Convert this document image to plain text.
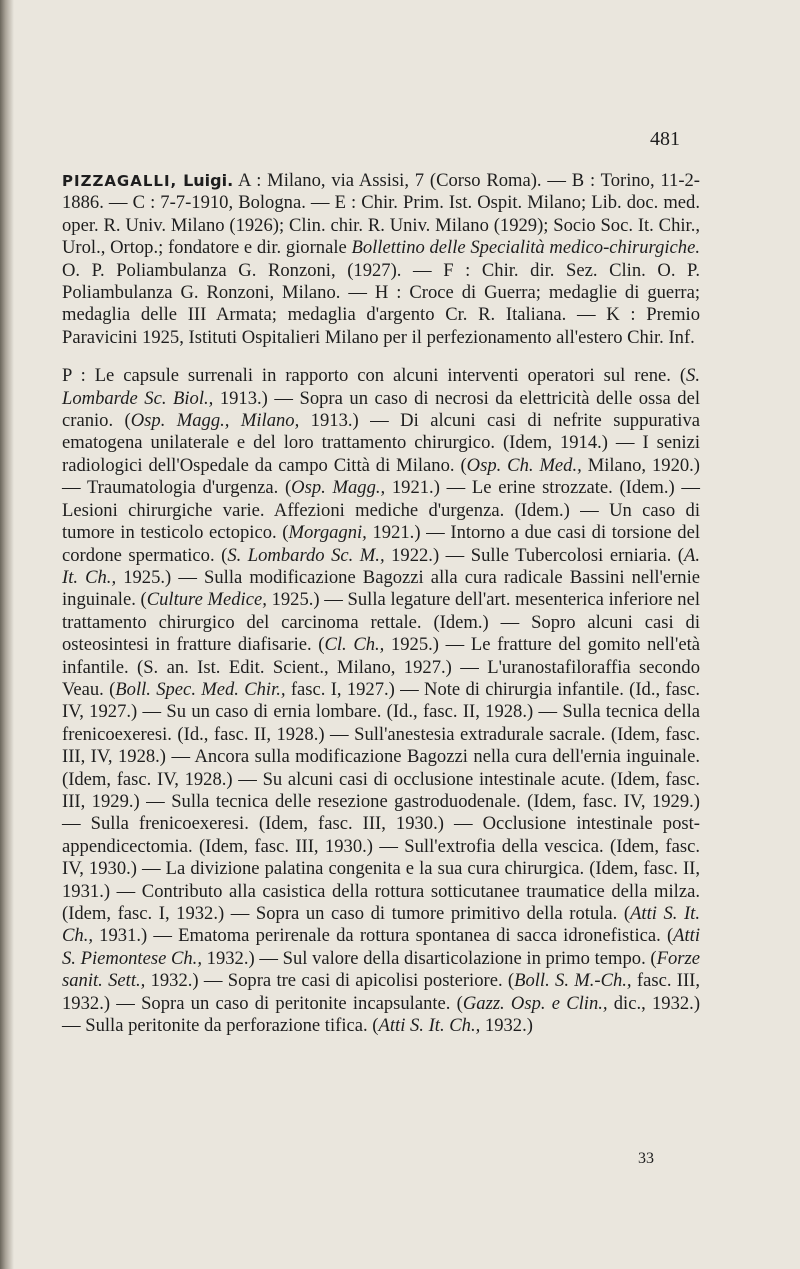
481

PIZZAGALLI, Luigi. A : Milano, via Assisi, 7 (Corso Roma). — B : Torino, 11-2-1886. — C : 7-7-1910, Bologna. — E : Chir. Prim. Ist. Ospit. Milano; Lib. doc. med. oper. R. Univ. Milano (1926); Clin. chir. R. Univ. Milano (1929); Socio Soc. It. Chir., Urol., Ortop.; fondatore e dir. giornale Bollettino delle Specialità medico-chirurgiche. O. P. Poliambulanza G. Ronzoni, (1927). — F : Chir. dir. Sez. Clin. O. P. Poliambulanza G. Ronzoni, Milano. — H : Croce di Guerra; medaglie di guerra; medaglia delle III Armata; medaglia d'argento Cr. R. Italiana. — K : Premio Paravicini 1925, Istituti Ospitalieri Milano per il perfezionamento all'estero Chir. Inf.

P : Le capsule surrenali in rapporto con alcuni interventi operatori sul rene. (S. Lombarde Sc. Biol., 1913.) — Sopra un caso di necrosi da elettricità delle ossa del cranio. (Osp. Magg., Milano, 1913.) — Di alcuni casi di nefrite suppurativa ematogena unilaterale e del loro trattamento chirurgico. (Idem, 1914.) — I senizi radiologici dell'Ospedale da campo Città di Milano. (Osp. Ch. Med., Milano, 1920.) — Traumatologia d'urgenza. (Osp. Magg., 1921.) — Le erine strozzate. (Idem.) — Lesioni chirurgiche varie. Affezioni mediche d'urgenza. (Idem.) — Un caso di tumore in testicolo ectopico. (Morgagni, 1921.) — Intorno a due casi di torsione del cordone spermatico. (S. Lombardo Sc. M., 1922.) — Sulle Tubercolosi erniaria. (A. It. Ch., 1925.) — Sulla modificazione Bagozzi alla cura radicale Bassini nell'ernie inguinale. (Culture Medice, 1925.) — Sulla legature dell'art. mesenterica inferiore nel trattamento chirurgico del carcinoma rettale. (Idem.) — Sopro alcuni casi di osteosintesi in fratture diafisarie. (Cl. Ch., 1925.) — Le fratture del gomito nell'età infantile. (S. an. Ist. Edit. Scient., Milano, 1927.) — L'uranostafiloraffia secondo Veau. (Boll. Spec. Med. Chir., fasc. I, 1927.) — Note di chirurgia infantile. (Id., fasc. IV, 1927.) — Su un caso di ernia lombare. (Id., fasc. II, 1928.) — Sulla tecnica della frenicoexeresi. (Id., fasc. II, 1928.) — Sull'anestesia extradurale sacrale. (Idem, fasc. III, IV, 1928.) — Ancora sulla modificazione Bagozzi nella cura dell'ernia inguinale. (Idem, fasc. IV, 1928.) — Su alcuni casi di occlusione intestinale acute. (Idem, fasc. III, 1929.) — Sulla tecnica delle resezione gastroduodenale. (Idem, fasc. IV, 1929.) — Sulla frenicoexeresi. (Idem, fasc. III, 1930.) — Occlusione intestinale post-appendicectomia. (Idem, fasc. III, 1930.) — Sull'extrofia della vescica. (Idem, fasc. IV, 1930.) — La divizione palatina congenita e la sua cura chirurgica. (Idem, fasc. II, 1931.) — Contributo alla casistica della rottura sotticutanee traumatice della milza. (Idem, fasc. I, 1932.) — Sopra un caso di tumore primitivo della rotula. (Atti S. It. Ch., 1931.) — Ematoma perirenale da rottura spontanea di sacca idronefistica. (Atti S. Piemontese Ch., 1932.) — Sul valore della disarticolazione in primo tempo. (Forze sanit. Sett., 1932.) — Sopra tre casi di apicolisi posteriore. (Boll. S. M.-Ch., fasc. III, 1932.) — Sopra un caso di peritonite incapsulante. (Gazz. Osp. e Clin., dic., 1932.) — Sulla peritonite da perforazione tifica. (Atti S. It. Ch., 1932.)

33
